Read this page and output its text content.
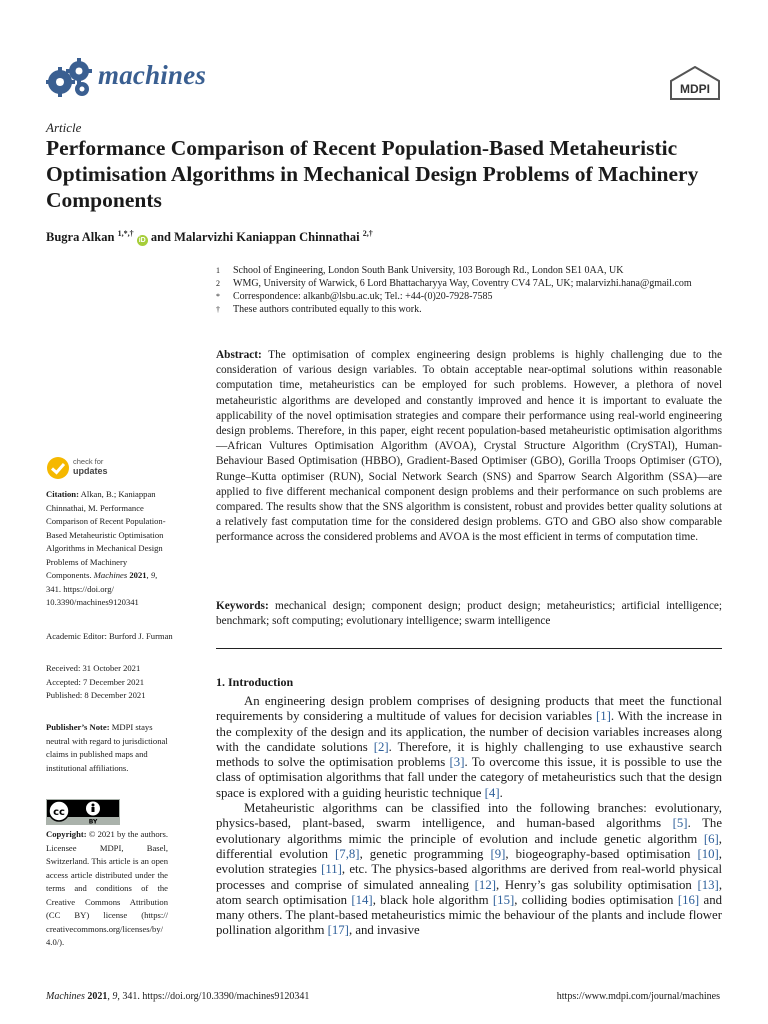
machines	MDPI
Article
Performance Comparison of Recent Population-Based Metaheuristic Optimisation Algorithms in Mechanical Design Problems of Machinery Components
Bugra Alkan $^{1,*,\dagger}$ iD and Malarvizhi Kaniappan Chinnathai $^{2,\dagger}$
1	School of Engineering, London South Bank University, 103 Borough Rd., London SE1 0AA, UK
2	WMG, University of Warwick, 6 Lord Bhattacharyya Way, Coventry CV4 7AL, UK; malarvizhi.hana@gmail.com
*	Correspondence: alkanb@lsbu.ac.uk; Tel.: +44-(0)20-7928-7585
†	These authors contributed equally to this work.
Abstract: The optimisation of complex engineering design problems is highly challenging due to the consideration of various design variables. To obtain acceptable near-optimal solutions within reasonable computation time, metaheuristics can be employed for such problems. However, a plethora of novel metaheuristic algorithms are developed and constantly improved and hence it is important to evaluate the applicability of the novel optimisation strategies and compare their performance using real-world engineering design problems. Therefore, in this paper, eight recent population-based metaheuristic optimisation algorithms—African Vultures Optimisation Algorithm (AVOA), Crystal Structure Algorithm (CrySTAl), Human-Behaviour Based Optimisation (HBBO), Gradient-Based Optimiser (GBO), Gorilla Troops Optimiser (GTO), Runge–Kutta optimiser (RUN), Social Network Search (SNS) and Sparrow Search Algorithm (SSA)—are applied to five different mechanical component design problems and their performance on such problems are compared. The results show that the SNS algorithm is consistent, robust and provides better quality solutions at a relatively fast computation time for the considered design problems. GTO and GBO also show comparable performance across the considered problems and AVOA is the most efficient in terms of computation time.
Keywords: mechanical design; component design; product design; metaheuristics; artificial intelligence; benchmark; soft computing; evolutionary intelligence; swarm intelligence
1. Introduction

An engineering design problem comprises of designing products that meet the functional requirements by considering a multitude of values for decision variables [1]. With the increase in the complexity of the design and its application, the number of decision variables increases along with the candidate solutions [2]. Therefore, it is highly challenging to use exhaustive search methods to solve the optimisation problems [3]. To overcome this issue, it is possible to use the class of optimisation algorithms that fall under the category of metaheuristics such that the design space is explored with a guiding heuristic technique [4].

Metaheuristic algorithms can be classified into the following branches: evolutionary, physics-based, plant-based, swarm intelligence, and human-based algorithms [5]. The evolutionary algorithms mimic the principle of evolution and include genetic algorithm [6], differential evolution [7,8], genetic programming [9], biogeography-based optimisation [10], evolution strategies [11], etc. The physics-based algorithms are derived from real-world physical processes and comprise of simulated annealing [12], Henry’s gas solubility optimisation [13], atom search optimisation [14], black hole algorithm [15], colliding bodies optimisation [16] and many others. The plant-based metaheuristics mimic the behaviour of the plants and include flower pollination algorithm [17], and invasive

check for
updates
Citation: Alkan, B.; Kaniappan Chinnathai, M. Performance Comparison of Recent Population-Based Metaheuristic Optimisation Algorithms in Mechanical Design Problems of Machinery Components. Machines 2021, 9, 341. https://doi.org/ 10.3390/machines9120341
Academic Editor: Burford J. Furman
Received: 31 October 2021
Accepted: 7 December 2021
Published: 8 December 2021
Publisher’s Note: MDPI stays neutral with regard to jurisdictional claims in published maps and institutional affiliations.
cc
BY
Copyright: © 2021 by the authors. Licensee MDPI, Basel, Switzerland. This article is an open access article distributed under the terms and conditions of the Creative Commons Attribution (CC BY) license (https:// creativecommons.org/licenses/by/ 4.0/).
Machines 2021, 9, 341. https://doi.org/10.3390/machines9120341	https://www.mdpi.com/journal/machines
